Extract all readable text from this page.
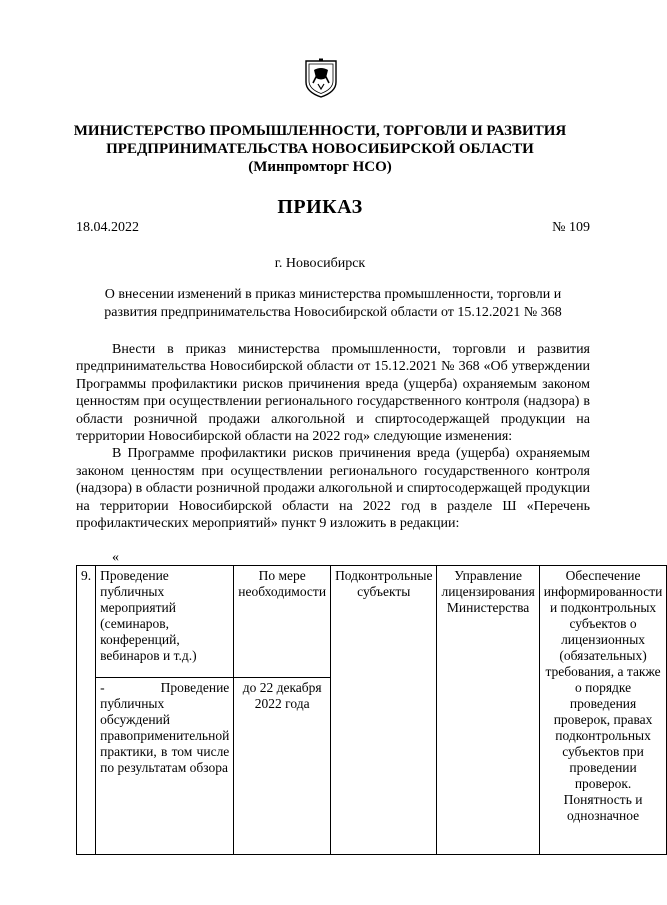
МИНИСТЕРСТВО ПРОМЫШЛЕННОСТИ, ТОРГОВЛИ И РАЗВИТИЯ
ПРЕДПРИНИМАТЕЛЬСТВА НОВОСИБИРСКОЙ ОБЛАСТИ
(Минпромторг НСО)
ПРИКАЗ
18.04.2022	№ 109
г. Новосибирск
О внесении изменений в приказ министерства промышленности, торговли и
развития предпринимательства Новосибирской области от 15.12.2021 № 368

Внести в приказ министерства промышленности, торговли и развития предпринимательства Новосибирской области от 15.12.2021 № 368 «Об утверждении Программы профилактики рисков причинения вреда (ущерба) охраняемым законом ценностям при осуществлении регионального государственного контроля (надзора) в области розничной продажи алкогольной и спиртосодержащей продукции на территории Новосибирской области на 2022 год» следующие изменения:

В Программе профилактики рисков причинения вреда (ущерба) охраняемым законом ценностям при осуществлении регионального государственного контроля (надзора) в области розничной продажи алкогольной и спиртосодержащей продукции на территории Новосибирской области на 2022 год в разделе Ш «Перечень профилактических мероприятий» пункт 9 изложить в редакции:

«
9.	Проведение публичных мероприятий (семинаров, конференций, вебинаров и т.д.)	По мере необходимости	Подконтрольные субъекты	Управление лицензирования Министерства	Обеспечение информированности и подконтрольных субъектов о лицензионных (обязательных) требования, а также о порядке проведения проверок, правах подконтрольных субъектов при проведении проверок. Понятность и однозначное
	- Проведение публичных обсуждений правоприменительной практики, в том числе по результатам обзора	до 22 декабря 2022 года			
